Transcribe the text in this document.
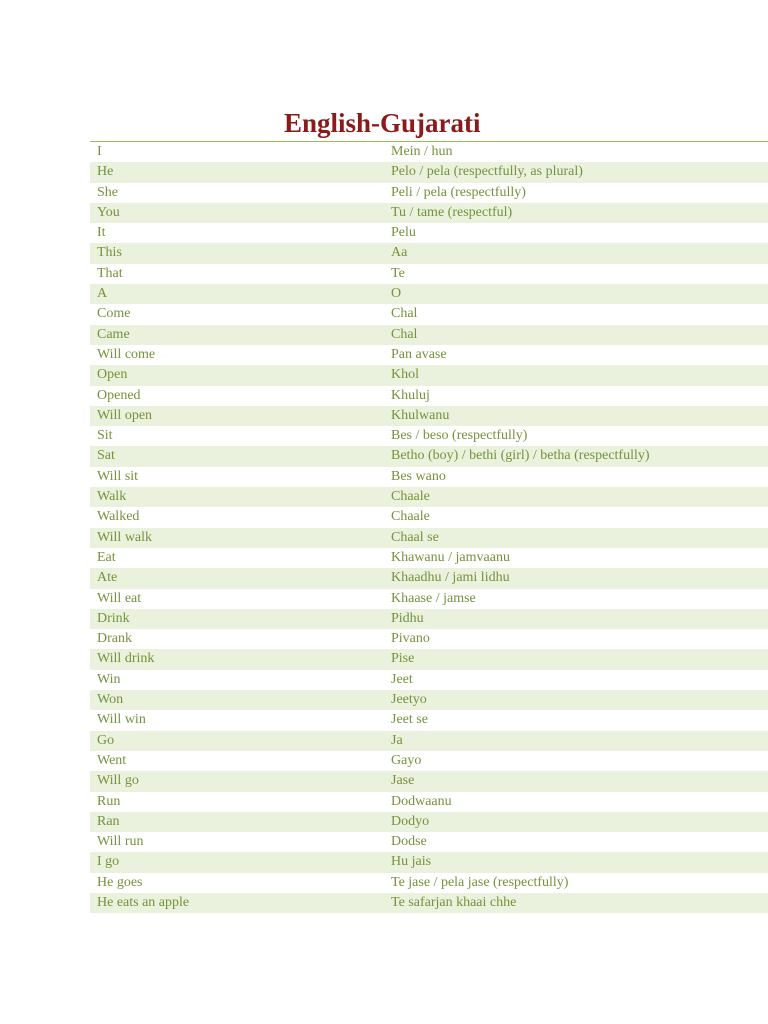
English-Gujarati
I	Mein / hun
He	Pelo / pela (respectfully, as plural)
She	Peli / pela (respectfully)
You	Tu / tame (respectful)
It	Pelu
This	Aa
That	Te
A	O
Come	Chal
Came	Chal
Will come	Pan avase
Open	Khol
Opened	Khuluj
Will open	Khulwanu
Sit	Bes / beso (respectfully)
Sat	Betho (boy) / bethi (girl) / betha (respectfully)
Will sit	Bes wano
Walk	Chaale
Walked	Chaale
Will walk	Chaal se
Eat	Khawanu / jamvaanu
Ate	Khaadhu / jami lidhu
Will eat	Khaase / jamse
Drink	Pidhu
Drank	Pivano
Will drink	Pise
Win	Jeet
Won	Jeetyo
Will win	Jeet se
Go	Ja
Went	Gayo
Will go	Jase
Run	Dodwaanu
Ran	Dodyo
Will run	Dodse
I go	Hu jais
He goes	Te jase / pela jase (respectfully)
He eats an apple	Te safarjan khaai chhe
